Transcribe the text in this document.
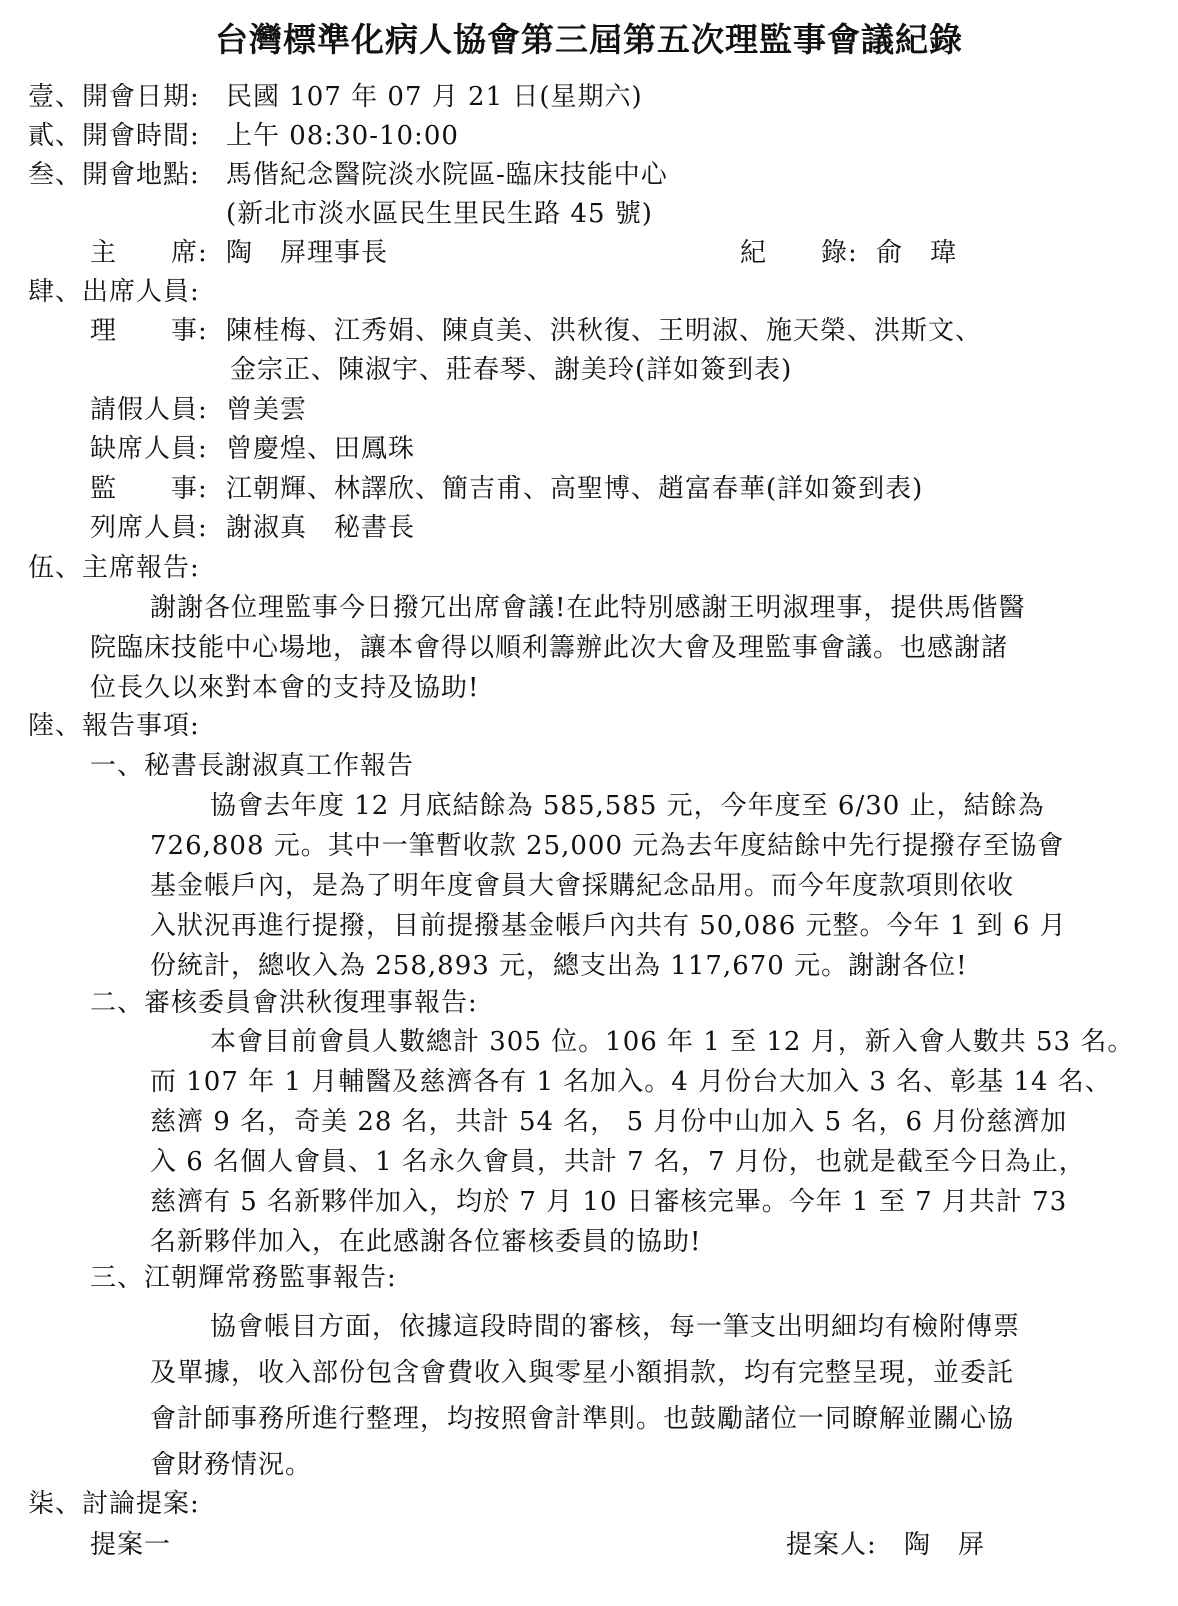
台灣標準化病人協會第三屆第五次理監事會議紀錄
壹、開會日期: 民國 107 年 07 月 21 日(星期六)
貳、開會時間: 上午 08:30-10:00
叁、開會地點: 馬偕紀念醫院淡水院區-臨床技能中心
(新北市淡水區民生里民生路 45 號)
主　　席: 陶　屏理事長	紀　　錄: 俞　瑋
肆、出席人員:
理　　事: 陳桂梅、江秀娟、陳貞美、洪秋復、王明淑、施天榮、洪斯文、
金宗正、陳淑宇、莊春琴、謝美玲(詳如簽到表)
請假人員: 曾美雲
缺席人員: 曾慶煌、田鳳珠
監　　事: 江朝輝、林譯欣、簡吉甫、高聖博、趙富春華(詳如簽到表)
列席人員: 謝淑真　秘書長
伍、主席報告:

謝謝各位理監事今日撥冗出席會議!在此特別感謝王明淑理事，提供馬偕醫

院臨床技能中心場地，讓本會得以順利籌辦此次大會及理監事會議。也感謝諸

位長久以來對本會的支持及協助!

陸、報告事項:
一、秘書長謝淑真工作報告

協會去年度 12 月底結餘為 585,585 元，今年度至 6/30 止，結餘為

726,808 元。其中一筆暫收款 25,000 元為去年度結餘中先行提撥存至協會

基金帳戶內，是為了明年度會員大會採購紀念品用。而今年度款項則依收

入狀況再進行提撥，目前提撥基金帳戶內共有 50,086 元整。今年 1 到 6 月

份統計，總收入為 258,893 元，總支出為 117,670 元。謝謝各位!

二、審核委員會洪秋復理事報告:

本會目前會員人數總計 305 位。106 年 1 至 12 月，新入會人數共 53 名。

而 107 年 1 月輔醫及慈濟各有 1 名加入。4 月份台大加入 3 名、彰基 14 名、

慈濟 9 名，奇美 28 名，共計 54 名， 5 月份中山加入 5 名，6 月份慈濟加

入 6 名個人會員、1 名永久會員，共計 7 名，7 月份，也就是截至今日為止，

慈濟有 5 名新夥伴加入，均於 7 月 10 日審核完畢。今年 1 至 7 月共計 73

名新夥伴加入，在此感謝各位審核委員的協助!

三、江朝輝常務監事報告:

協會帳目方面，依據這段時間的審核，每一筆支出明細均有檢附傳票

及單據，收入部份包含會費收入與零星小額捐款，均有完整呈現，並委託

會計師事務所進行整理，均按照會計準則。也鼓勵諸位一同瞭解並關心協

會財務情況。

柒、討論提案:
提案一	提案人: 陶　屏
